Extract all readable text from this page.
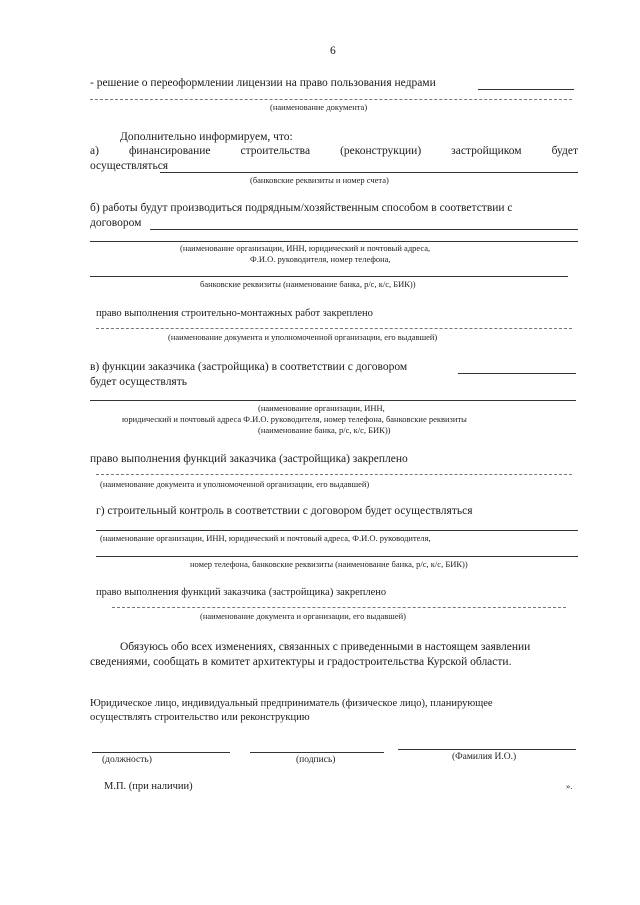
6
- решение о переоформлении лицензии на право пользования недрами
(наименование документа)
Дополнительно информируем, что:
а)	финансирование	строительства	(реконструкции)	застройщиком	будет
осуществляться
(банковские реквизиты и номер счета)
б) работы будут производиться подрядным/хозяйственным способом в соответствии с
договором
(наименование организации, ИНН, юридический и почтовый адреса,
Ф.И.О. руководителя, номер телефона,
банковские реквизиты (наименование банка, р/с, к/с, БИК))
право выполнения строительно-монтажных работ закреплено
(наименование документа и уполномоченной организации, его выдавшей)
в) функции заказчика (застройщика) в соответствии с договором
будет осуществлять
(наименование организации, ИНН,
юридический и почтовый адреса Ф.И.О. руководителя, номер телефона, банковские реквизиты
(наименование банка, р/с, к/с, БИК))
право выполнения функций заказчика (застройщика) закреплено
(наименование документа и уполномоченной организации, его выдавшей)
г) строительный контроль в соответствии с договором будет осуществляться
(наименование организации, ИНН, юридический и почтовый адреса, Ф.И.О. руководителя,
номер телефона, банковские реквизиты (наименование банка, р/с, к/с, БИК))
право выполнения функций заказчика (застройщика) закреплено
(наименование документа и организации, его выдавшей)
Обязуюсь обо всех изменениях, связанных с приведенными в настоящем заявлении
сведениями, сообщать в комитет архитектуры и градостроительства Курской области.
Юридическое лицо, индивидуальный предприниматель (физическое лицо), планирующее
осуществлять строительство или реконструкцию
(должность)	(подпись)	(Фамилия И.О.)
М.П. (при наличии)	».
